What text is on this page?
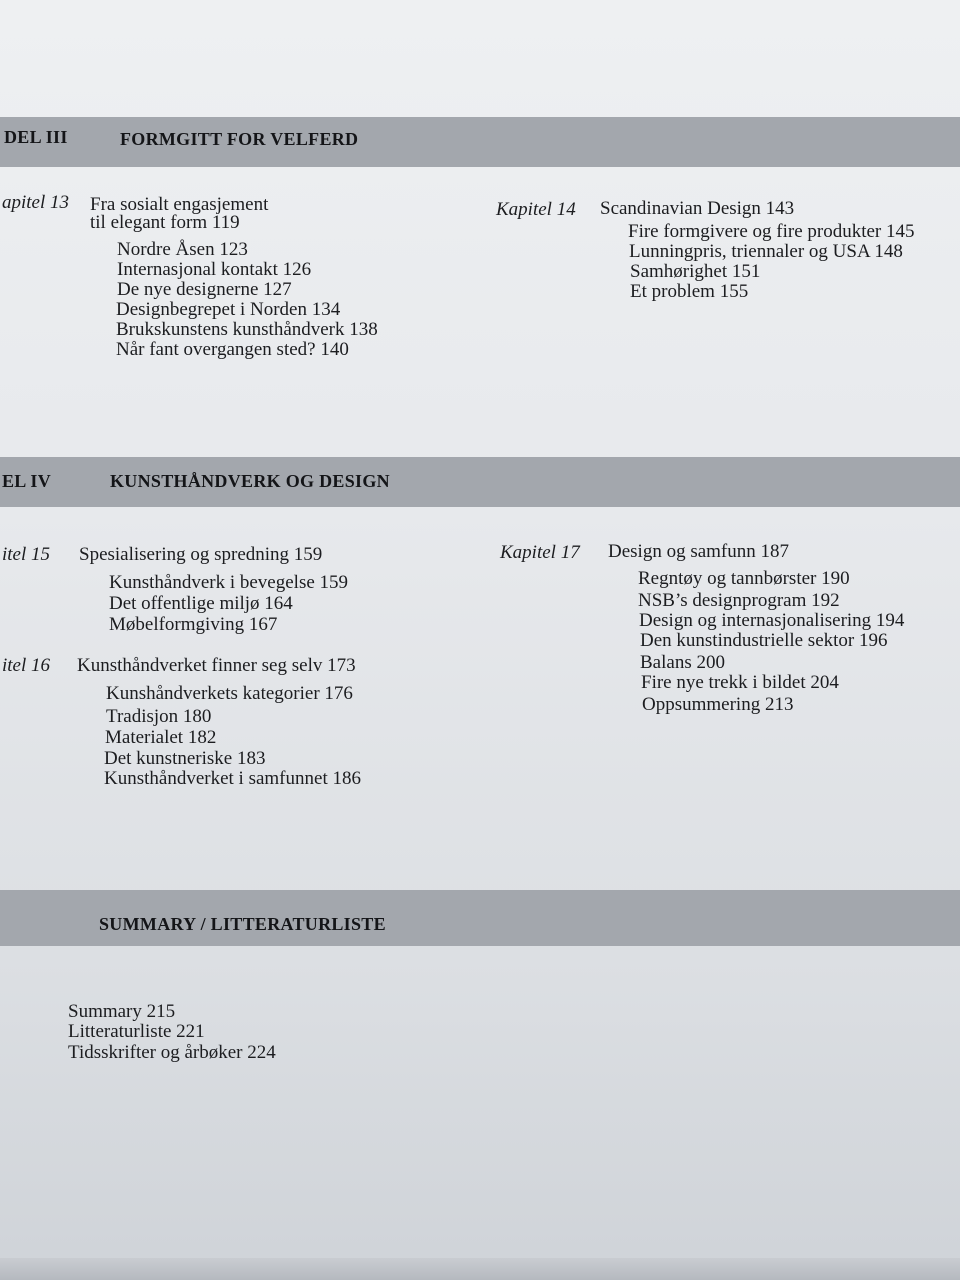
DEL III	FORMGITT FOR VELFERD
apitel 13 Fra sosialt engasjement
til elegant form 119
Nordre Åsen 123
Internasjonal kontakt 126
De nye designerne 127
Designbegrepet i Norden 134
Brukskunstens kunsthåndverk 138
Når fant overgangen sted? 140
Kapitel 14 Scandinavian Design 143
Fire formgivere og fire produkter 145
Lunningpris, triennaler og USA 148
Samhørighet 151
Et problem 155
EL IV	KUNSTHÅNDVERK OG DESIGN
itel 15 Spesialisering og spredning 159
Kunsthåndverk i bevegelse 159
Det offentlige miljø 164
Møbelformgiving 167
itel 16 Kunsthåndverket finner seg selv 173
Kunshåndverkets kategorier 176
Tradisjon 180
Materialet 182
Det kunstneriske 183
Kunsthåndverket i samfunnet 186
Kapitel 17 Design og samfunn 187
Regntøy og tannbørster 190
NSB’s designprogram 192
Design og internasjonalisering 194
Den kunstindustrielle sektor 196
Balans 200
Fire nye trekk i bildet 204
Oppsummering 213
SUMMARY / LITTERATURLISTE
Summary 215
Litteraturliste 221
Tidsskrifter og årbøker 224
